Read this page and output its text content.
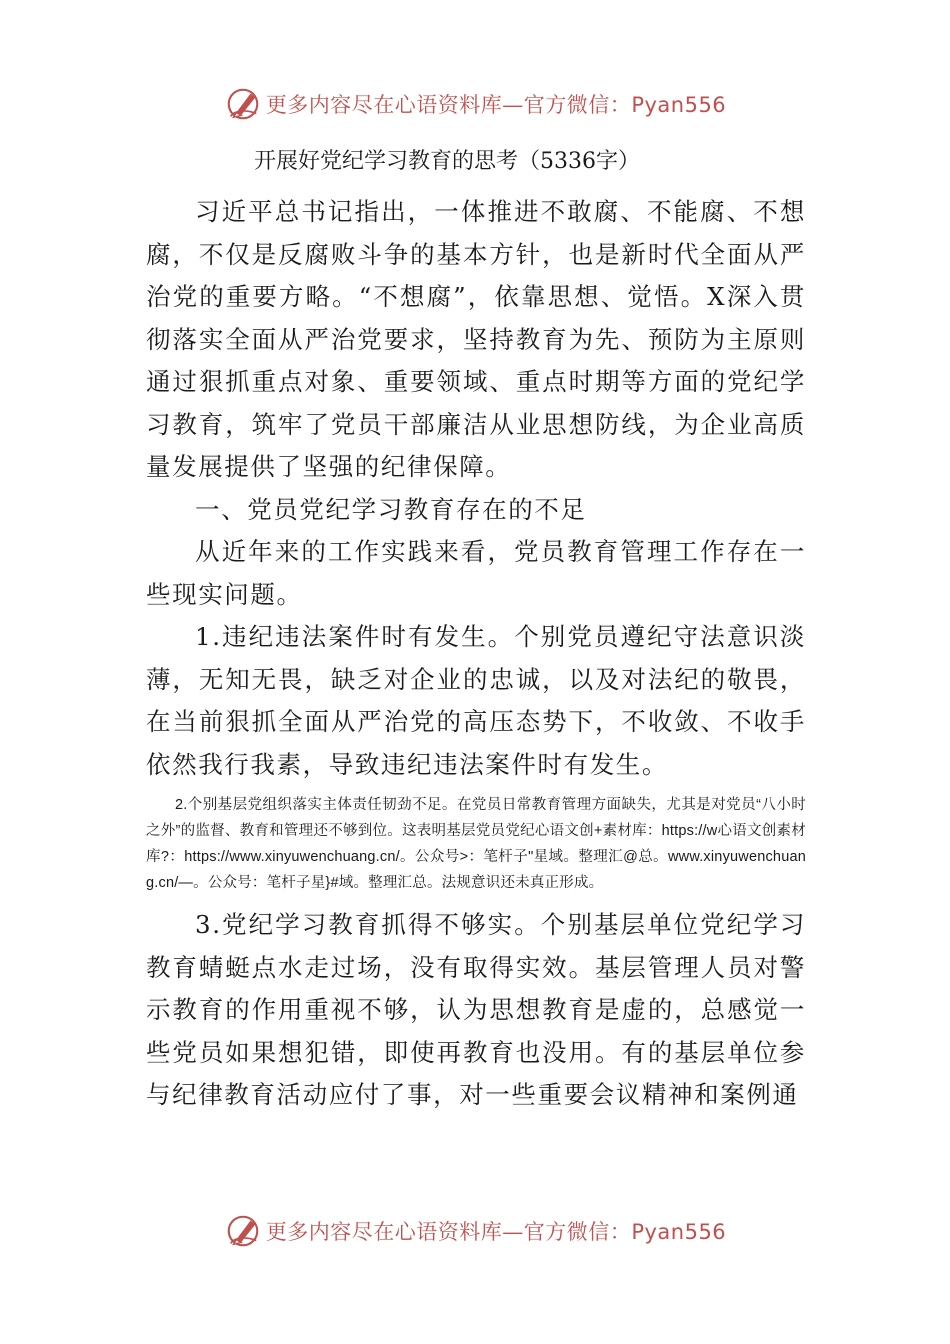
更多内容尽在心语资料库—官方微信：Pyan556

开展好党纪学习教育的思考（5336字）

习近平总书记指出，一体推进不敢腐、不能腐、不想腐，不仅是反腐败斗争的基本方针，也是新时代全面从严治党的重要方略。“不想腐”，依靠思想、觉悟。X深入贯彻落实全面从严治党要求，坚持教育为先、预防为主原则通过狠抓重点对象、重要领域、重点时期等方面的党纪学习教育，筑牢了党员干部廉洁从业思想防线，为企业高质量发展提供了坚强的纪律保障。

一、党员党纪学习教育存在的不足

从近年来的工作实践来看，党员教育管理工作存在一些现实问题。

1.违纪违法案件时有发生。个别党员遵纪守法意识淡薄，无知无畏，缺乏对企业的忠诚，以及对法纪的敬畏，在当前狠抓全面从严治党的高压态势下，不收敛、不收手依然我行我素，导致违纪违法案件时有发生。

2.个别基层党组织落实主体责任韧劲不足。在党员日常教育管理方面缺失，尤其是对党员“八小时之外”的监督、教育和管理还不够到位。这表明基层党员党纪心语文创+素材库：https://w心语文创素材库?：https://www.xinyuwenchuang.cn/。公众号>：笔杆子"星域。整理汇@总。www.xinyuwenchuang.cn/—。公众号：笔杆子星}#域。整理汇总。法规意识还未真正形成。

3.党纪学习教育抓得不够实。个别基层单位党纪学习教育蜻蜓点水走过场，没有取得实效。基层管理人员对警示教育的作用重视不够，认为思想教育是虚的，总感觉一些党员如果想犯错，即使再教育也没用。有的基层单位参与纪律教育活动应付了事，对一些重要会议精神和案例通

更多内容尽在心语资料库—官方微信：Pyan556
